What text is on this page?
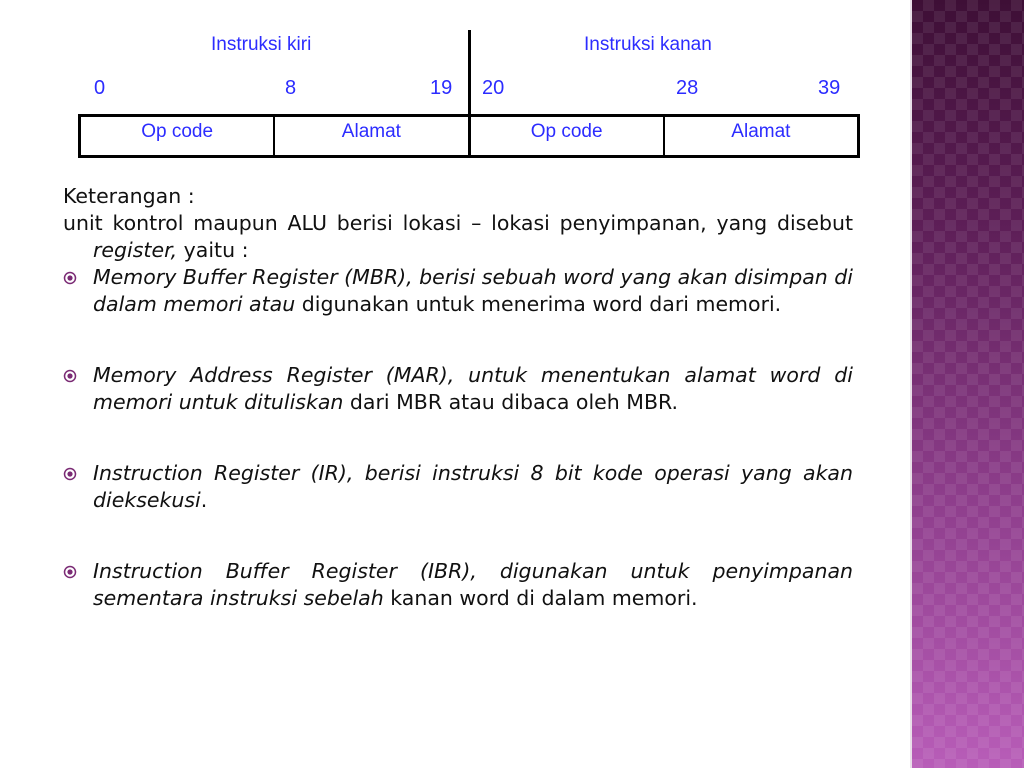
Instruksi kiri	Instruksi kanan
0	8	19 20	28	39
Op code	Alamat	Op code	Alamat

Keterangan :

unit kontrol maupun ALU berisi lokasi – lokasi penyimpanan, yang disebut register, yaitu :

Memory Buffer Register (MBR), berisi sebuah word yang akan disimpan di dalam memori atau digunakan untuk menerima word dari memori.
Memory Address Register (MAR), untuk menentukan alamat word di memori untuk dituliskan dari MBR atau dibaca oleh MBR.
Instruction Register (IR), berisi instruksi 8 bit kode operasi yang akan dieksekusi.
Instruction Buffer Register (IBR), digunakan untuk penyimpanan sementara instruksi sebelah kanan word di dalam memori.
